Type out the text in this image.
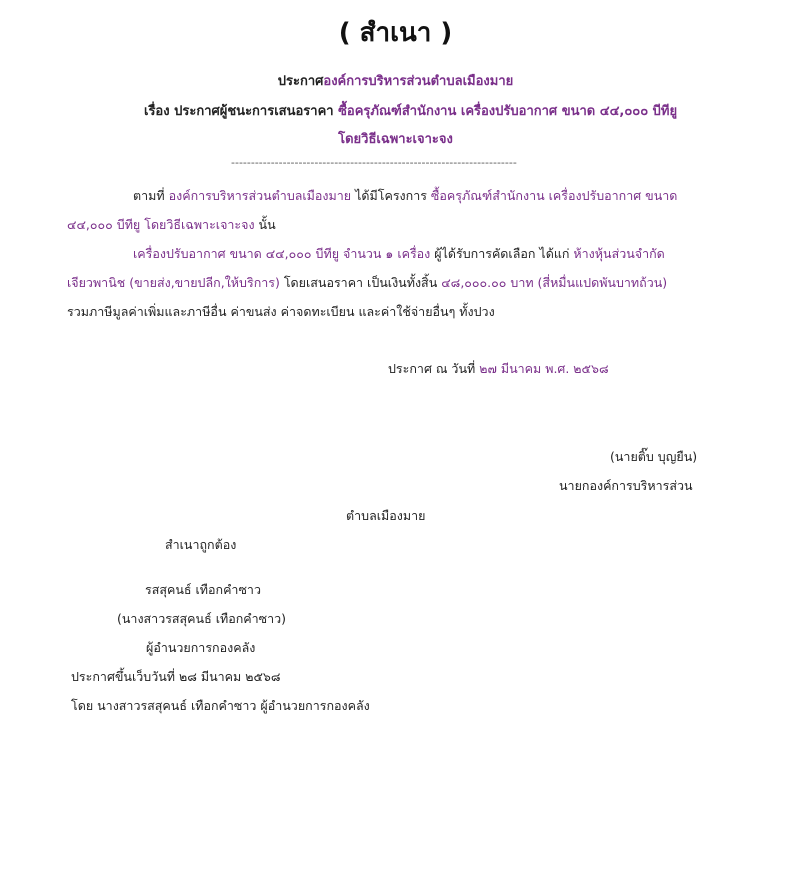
( สำเนา )
ประกาศองค์การบริหารส่วนตำบลเมืองมาย
เรื่อง ประกาศผู้ชนะการเสนอราคา ซื้อครุภัณฑ์สำนักงาน เครื่องปรับอากาศ ขนาด ๔๔,๐๐๐ บีทียู
โดยวิธีเฉพาะเจาะจง
------------------------------------------------------------------------
ตามที่ องค์การบริหารส่วนตำบลเมืองมาย ได้มีโครงการ ซื้อครุภัณฑ์สำนักงาน เครื่องปรับอากาศ ขนาด
๔๔,๐๐๐ บีทียู โดยวิธีเฉพาะเจาะจง นั้น
เครื่องปรับอากาศ ขนาด ๔๔,๐๐๐ บีทียู จำนวน ๑ เครื่อง ผู้ได้รับการคัดเลือก ได้แก่ ห้างหุ้นส่วนจำกัด
เจียวพานิช (ขายส่ง,ขายปลีก,ให้บริการ) โดยเสนอราคา เป็นเงินทั้งสิ้น ๔๘,๐๐๐.๐๐ บาท (สี่หมื่นแปดพันบาทถ้วน)
รวมภาษีมูลค่าเพิ่มและภาษีอื่น ค่าขนส่ง ค่าจดทะเบียน และค่าใช้จ่ายอื่นๆ ทั้งปวง
ประกาศ ณ วันที่ ๒๗ มีนาคม พ.ศ. ๒๕๖๘
(นายติ๊บ บุญยืน)
นายกองค์การบริหารส่วน
ตำบลเมืองมาย
สำเนาถูกต้อง
รสสุคนธ์ เทือกคำซาว
(นางสาวรสสุคนธ์ เทือกคำซาว)
ผู้อำนวยการกองคลัง
ประกาศขึ้นเว็บวันที่ ๒๘ มีนาคม ๒๕๖๘
โดย นางสาวรสสุคนธ์ เทือกคำซาว ผู้อำนวยการกองคลัง
